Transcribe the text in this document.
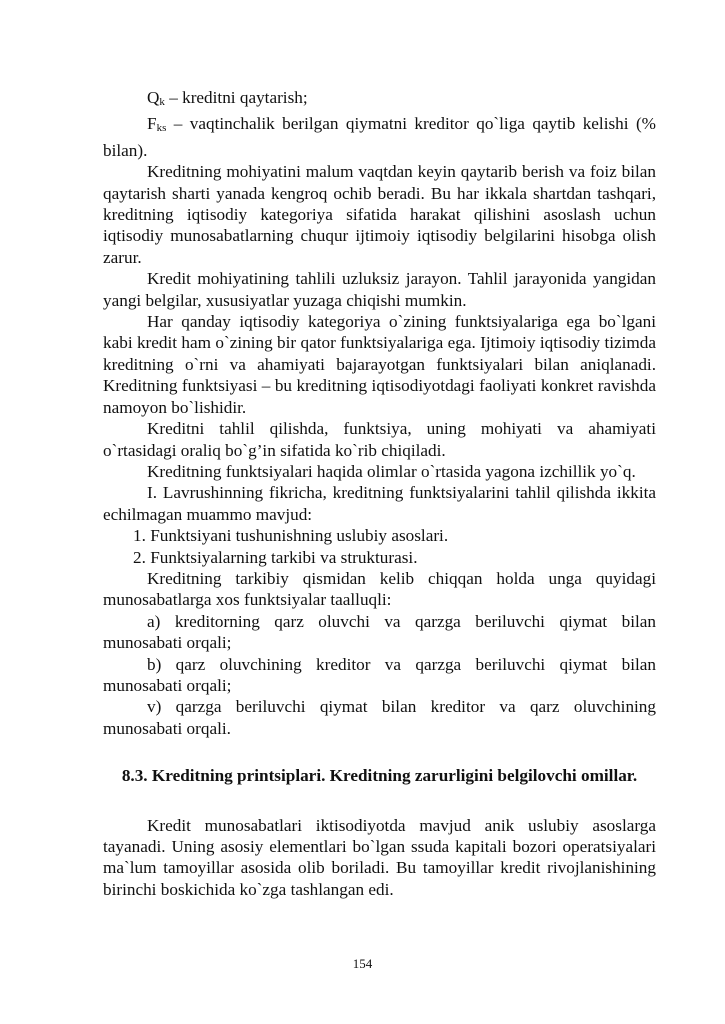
Qk – kreditni qaytarish;

Fks – vaqtinchalik berilgan qiymatni kreditor qo`liga qaytib kelishi (% bilan).

Kreditning mohiyatini malum vaqtdan keyin qaytarib berish va foiz bilan qaytarish sharti yanada kengroq ochib beradi. Bu har ikkala shartdan tashqari, kreditning iqtisodiy kategoriya sifatida harakat qilishini asoslash uchun iqtisodiy munosabatlarning chuqur ijtimoiy iqtisodiy belgilarini hisobga olish zarur.

Kredit mohiyatining tahlili uzluksiz jarayon. Tahlil jarayonida yangidan yangi belgilar, xususiyatlar yuzaga chiqishi mumkin.

Har qanday iqtisodiy kategoriya o`zining funktsiyalariga ega bo`lgani kabi kredit ham o`zining bir qator funktsiyalariga ega. Ijtimoiy iqtisodiy tizimda kreditning o`rni va ahamiyati bajarayotgan funktsiyalari bilan aniqlanadi. Kreditning funktsiyasi – bu kreditning iqtisodiyotdagi faoliyati konkret ravishda namoyon bo`lishidir.

Kreditni tahlil qilishda, funktsiya, uning mohiyati va ahamiyati o`rtasidagi oraliq bo`g’in sifatida ko`rib chiqiladi.

Kreditning funktsiyalari haqida olimlar o`rtasida yagona izchillik yo`q.

I. Lavrushinning fikricha, kreditning funktsiyalarini tahlil qilishda ikkita echilmagan muammo mavjud:

1. Funktsiyani tushunishning uslubiy asoslari.

2. Funktsiyalarning tarkibi va strukturasi.

Kreditning tarkibiy qismidan kelib chiqqan holda unga quyidagi munosabatlarga xos funktsiyalar taalluqli:

a) kreditorning qarz oluvchi va qarzga beriluvchi qiymat bilan munosabati orqali;

b) qarz oluvchining kreditor va qarzga beriluvchi qiymat bilan munosabati orqali;

v) qarzga beriluvchi qiymat bilan kreditor va qarz oluvchining munosabati orqali.

8.3. Kreditning printsiplari. Kreditning zarurligini belgilovchi omillar.

Kredit munosabatlari iktisodiyotda mavjud anik uslubiy asoslarga tayanadi. Uning asosiy elementlari bo`lgan ssuda kapitali bozori operatsiyalari ma`lum tamoyillar asosida olib boriladi. Bu tamoyillar kredit rivojlanishining birinchi boskichida ko`zga tashlangan edi.

154
